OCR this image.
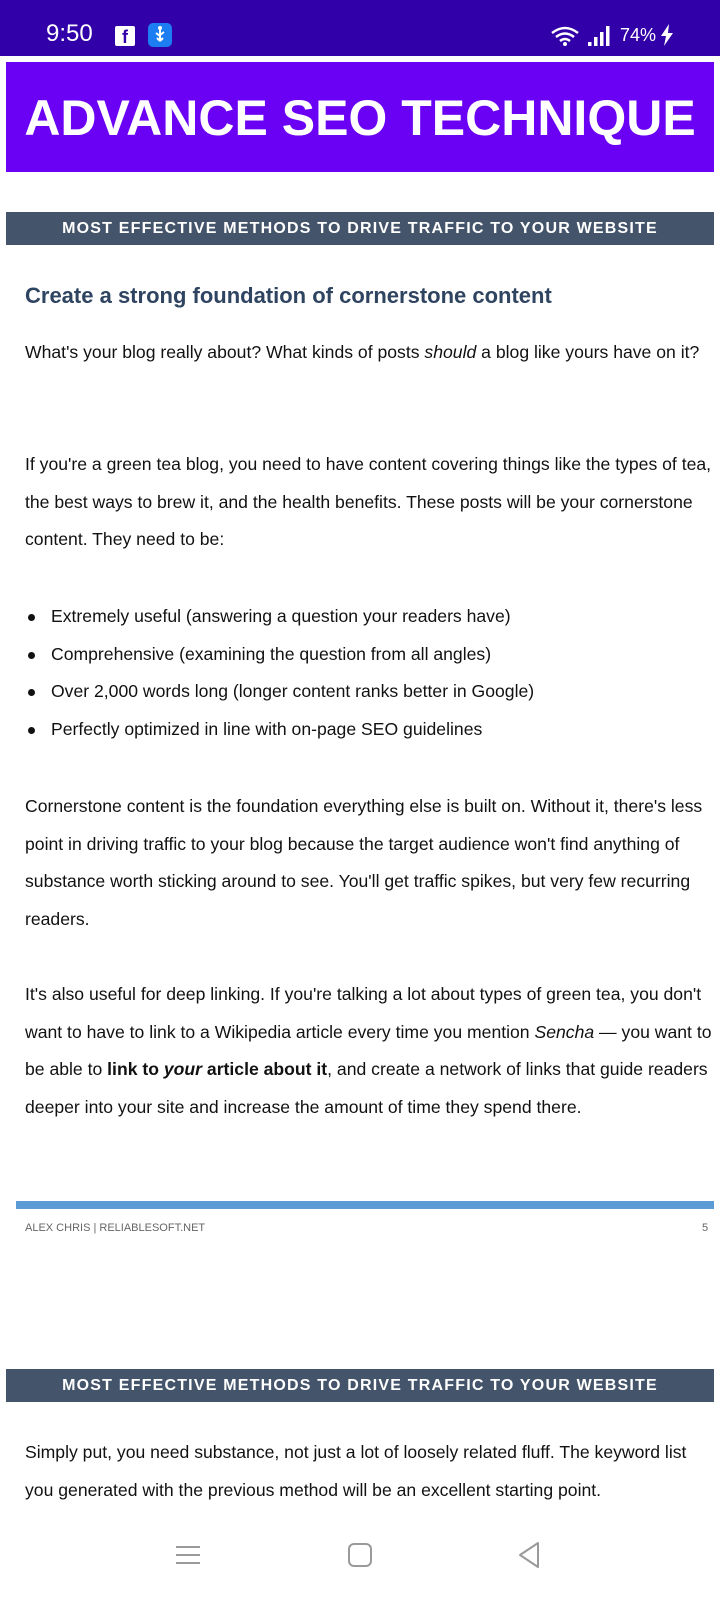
9:50	f	74%
ADVANCE SEO TECHNIQUE
MOST EFFECTIVE METHODS TO DRIVE TRAFFIC TO YOUR WEBSITE
Create a strong foundation of cornerstone content

What's your blog really about? What kinds of posts should a blog like yours have on it?

If you're a green tea blog, you need to have content covering things like the types of tea, the best ways to brew it, and the health benefits. These posts will be your cornerstone content. They need to be:

Extremely useful (answering a question your readers have)
Comprehensive (examining the question from all angles)
Over 2,000 words long (longer content ranks better in Google)
Perfectly optimized in line with on-page SEO guidelines

Cornerstone content is the foundation everything else is built on. Without it, there's less point in driving traffic to your blog because the target audience won't find anything of substance worth sticking around to see. You'll get traffic spikes, but very few recurring readers.

It's also useful for deep linking. If you're talking a lot about types of green tea, you don't want to have to link to a Wikipedia article every time you mention Sencha — you want to be able to link to your article about it, and create a network of links that guide readers deeper into your site and increase the amount of time they spend there.

ALEX CHRIS | RELIABLESOFT.NET	5
MOST EFFECTIVE METHODS TO DRIVE TRAFFIC TO YOUR WEBSITE

Simply put, you need substance, not just a lot of loosely related fluff. The keyword list you generated with the previous method will be an excellent starting point.
